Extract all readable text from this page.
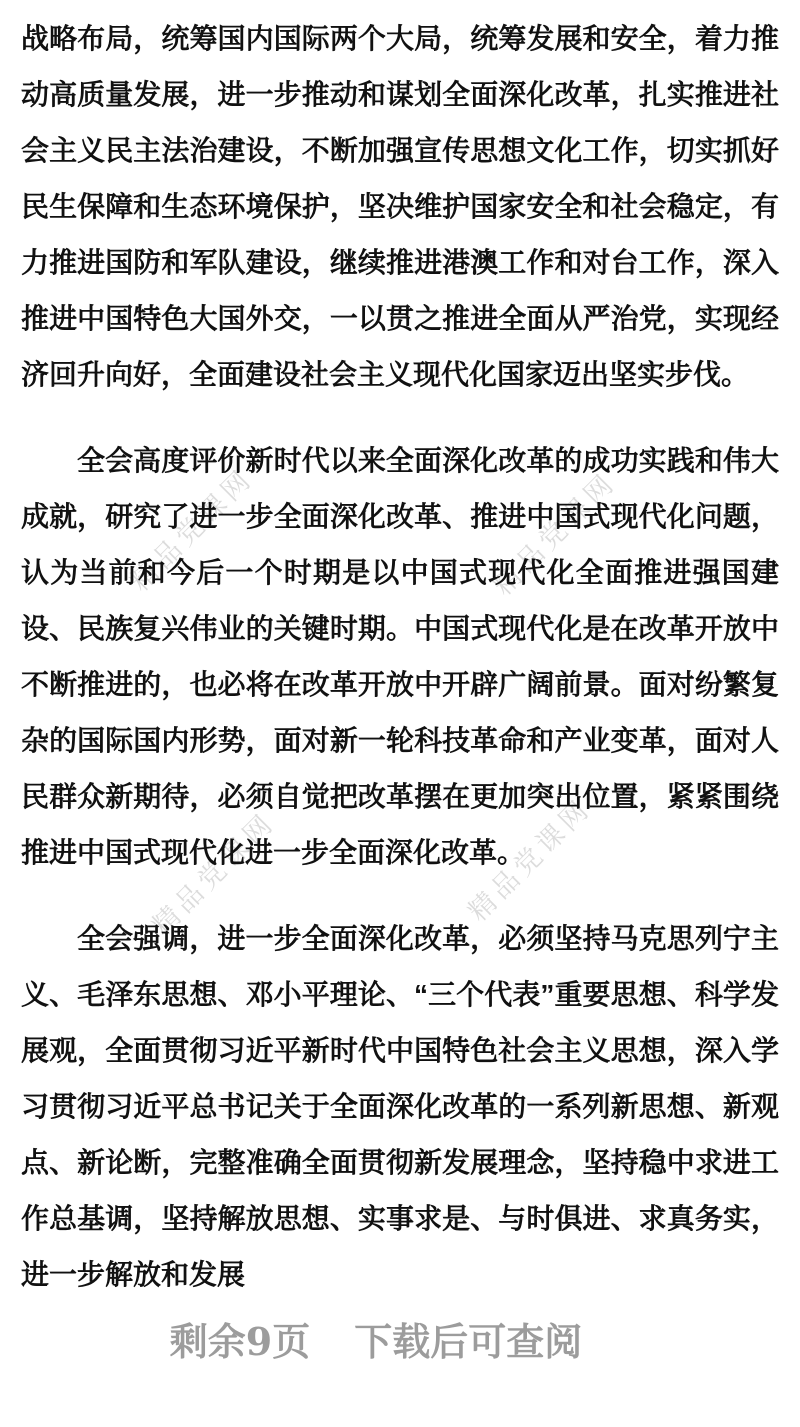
精品党课网	精品党课网
精品党课网	精品党课网

战略布局，统筹国内国际两个大局，统筹发展和安全，着力推动高质量发展，进一步推动和谋划全面深化改革，扎实推进社会主义民主法治建设，不断加强宣传思想文化工作，切实抓好民生保障和生态环境保护，坚决维护国家安全和社会稳定，有力推进国防和军队建设，继续推进港澳工作和对台工作，深入推进中国特色大国外交，一以贯之推进全面从严治党，实现经济回升向好，全面建设社会主义现代化国家迈出坚实步伐。

全会高度评价新时代以来全面深化改革的成功实践和伟大成就，研究了进一步全面深化改革、推进中国式现代化问题，认为当前和今后一个时期是以中国式现代化全面推进强国建设、民族复兴伟业的关键时期。中国式现代化是在改革开放中不断推进的，也必将在改革开放中开辟广阔前景。面对纷繁复杂的国际国内形势，面对新一轮科技革命和产业变革，面对人民群众新期待，必须自觉把改革摆在更加突出位置，紧紧围绕推进中国式现代化进一步全面深化改革。

全会强调，进一步全面深化改革，必须坚持马克思列宁主义、毛泽东思想、邓小平理论、“三个代表”重要思想、科学发展观，全面贯彻习近平新时代中国特色社会主义思想，深入学习贯彻习近平总书记关于全面深化改革的一系列新思想、新观点、新论断，完整准确全面贯彻新发展理念，坚持稳中求进工作总基调，坚持解放思想、实事求是、与时俱进、求真务实，进一步解放和发展

剩余9页 下载后可查阅
